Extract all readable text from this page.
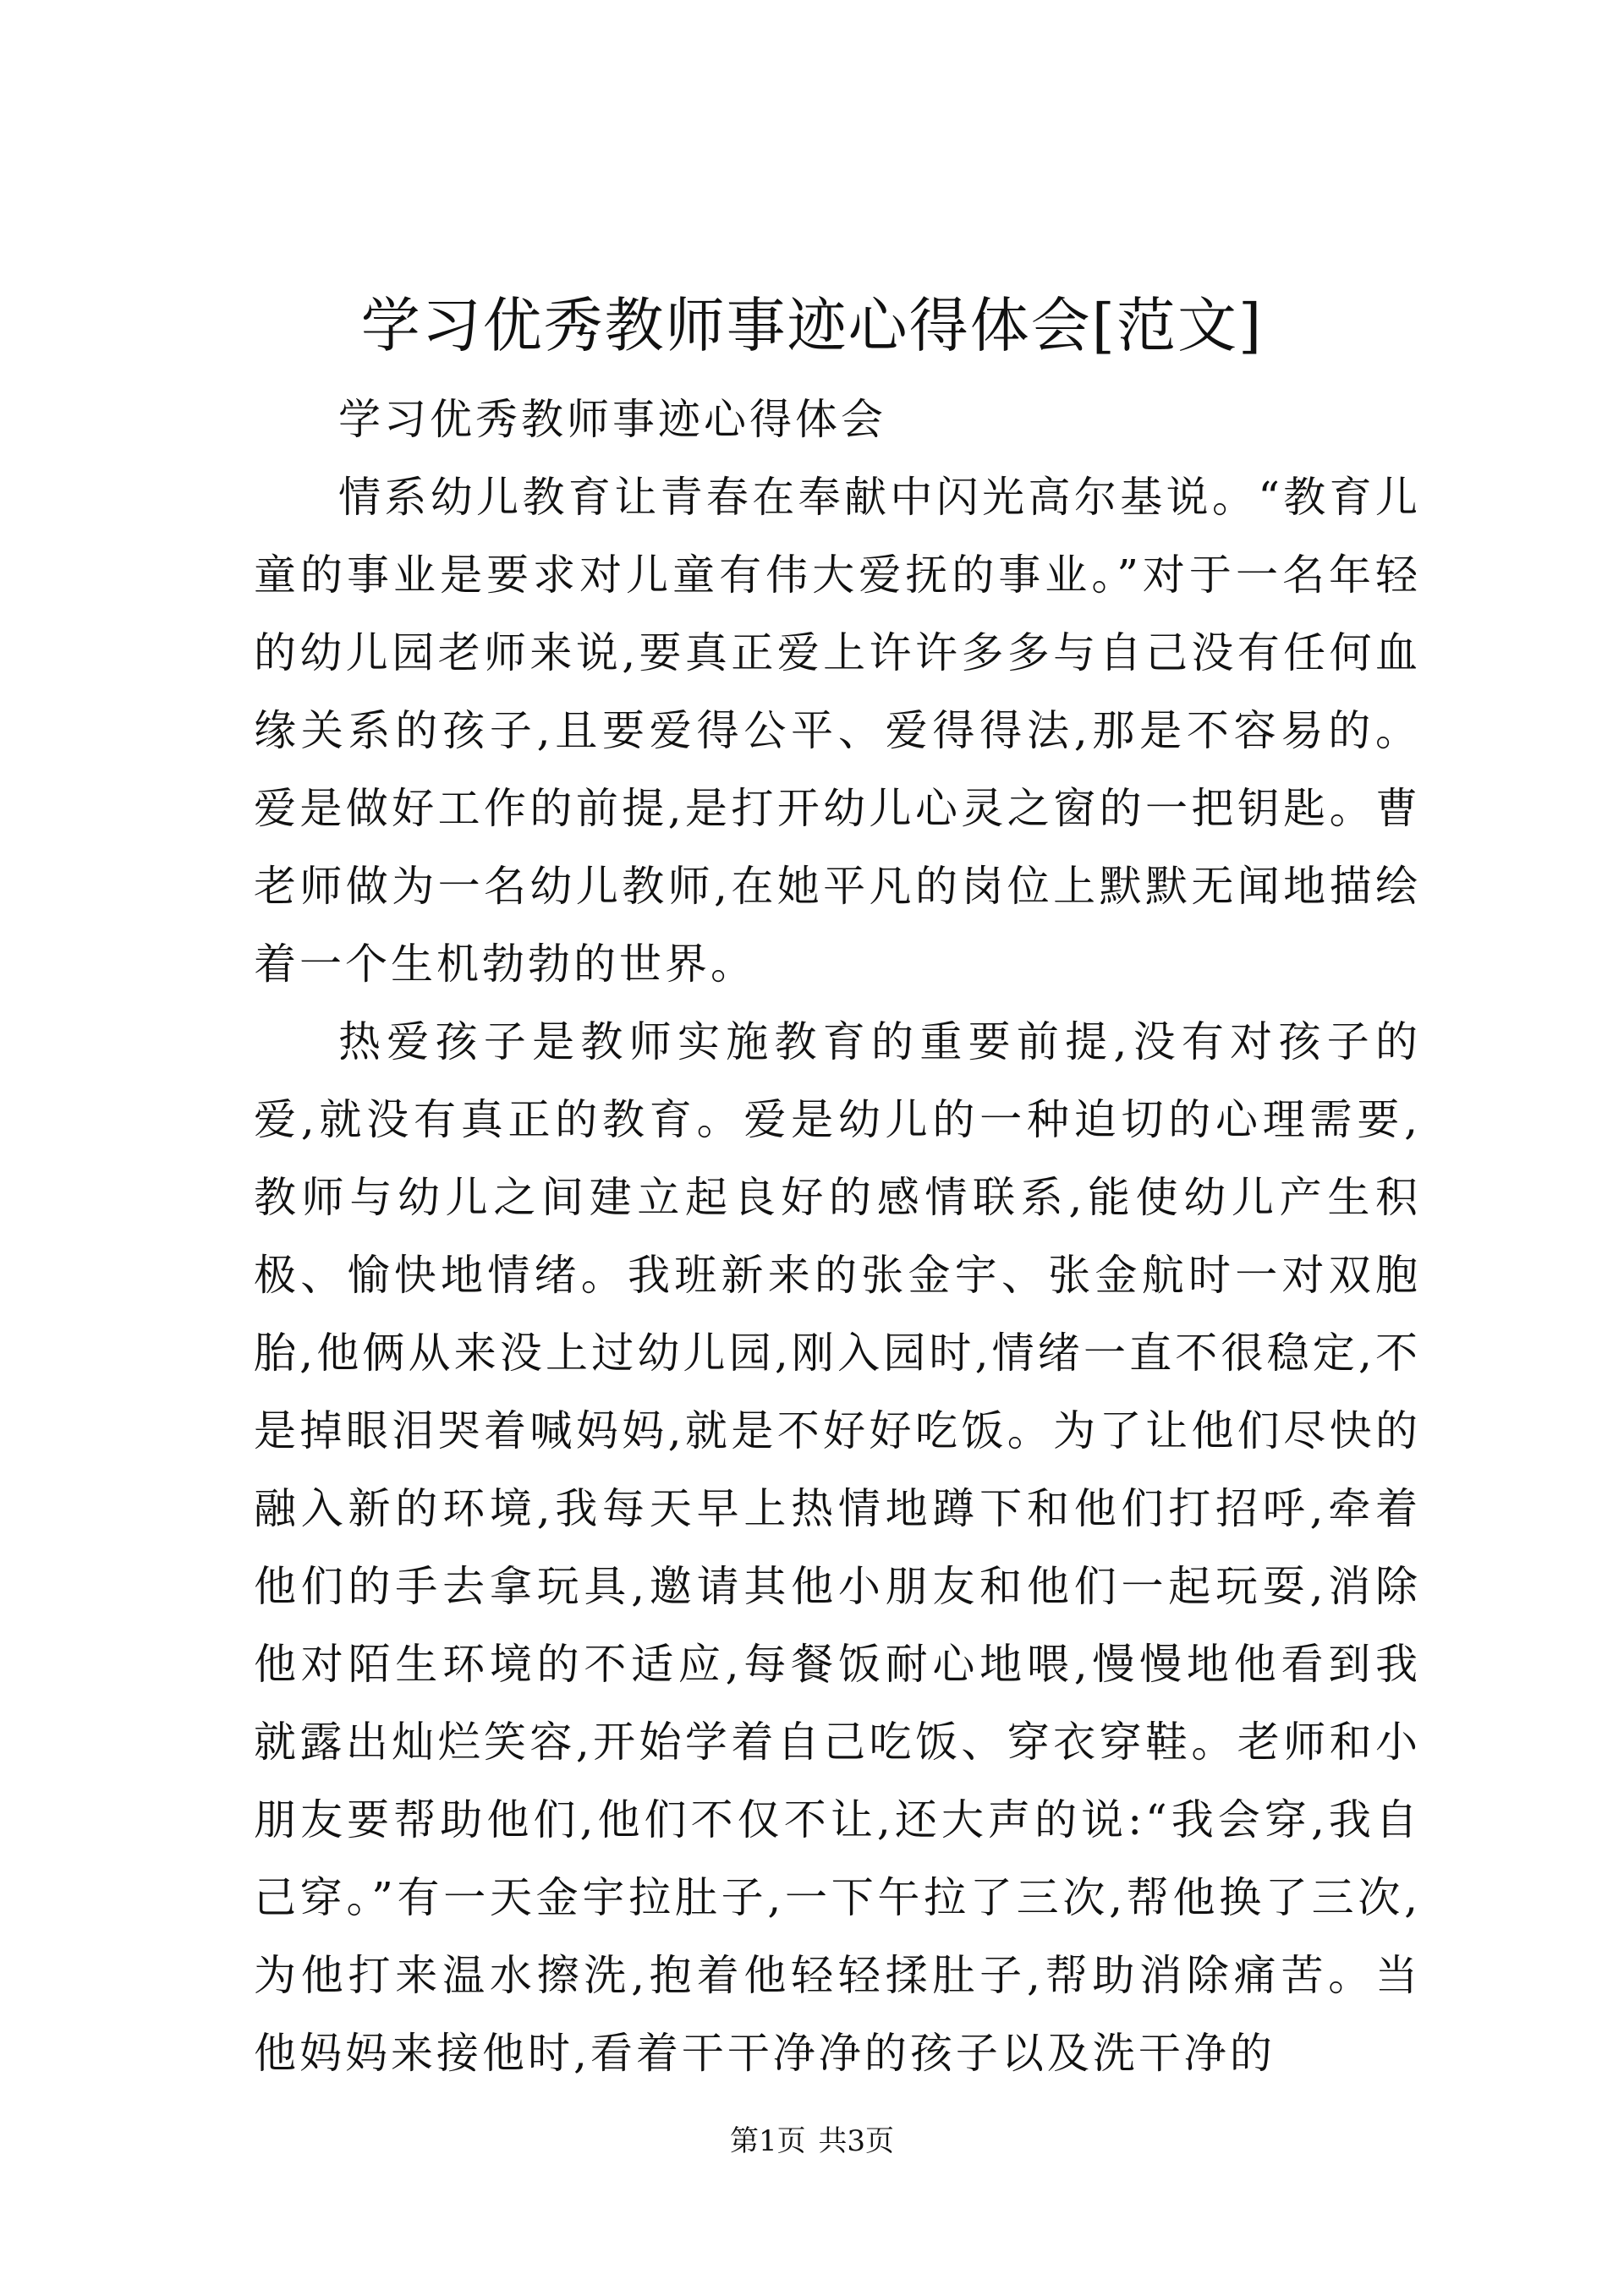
学习优秀教师事迹心得体会[范文]

学习优秀教师事迹心得体会

情系幼儿教育让青春在奉献中闪光高尔基说。“教育儿童的事业是要求对儿童有伟大爱抚的事业。”对于一名年轻的幼儿园老师来说,要真正爱上许许多多与自己没有任何血缘关系的孩子,且要爱得公平、爱得得法,那是不容易的。爱是做好工作的前提,是打开幼儿心灵之窗的一把钥匙。曹老师做为一名幼儿教师,在她平凡的岗位上默默无闻地描绘着一个生机勃勃的世界。

热爱孩子是教师实施教育的重要前提,没有对孩子的爱,就没有真正的教育。爱是幼儿的一种迫切的心理需要,教师与幼儿之间建立起良好的感情联系,能使幼儿产生积极、愉快地情绪。我班新来的张金宇、张金航时一对双胞胎,他俩从来没上过幼儿园,刚入园时,情绪一直不很稳定,不是掉眼泪哭着喊妈妈,就是不好好吃饭。为了让他们尽快的融入新的环境,我每天早上热情地蹲下和他们打招呼,牵着他们的手去拿玩具,邀请其他小朋友和他们一起玩耍,消除他对陌生环境的不适应,每餐饭耐心地喂,慢慢地他看到我就露出灿烂笑容,开始学着自己吃饭、穿衣穿鞋。老师和小朋友要帮助他们,他们不仅不让,还大声的说:“我会穿,我自己穿。”有一天金宇拉肚子,一下午拉了三次,帮他换了三次,为他打来温水擦洗,抱着他轻轻揉肚子,帮助消除痛苦。当他妈妈来接他时,看着干干净净的孩子以及洗干净的

第1页 共3页
